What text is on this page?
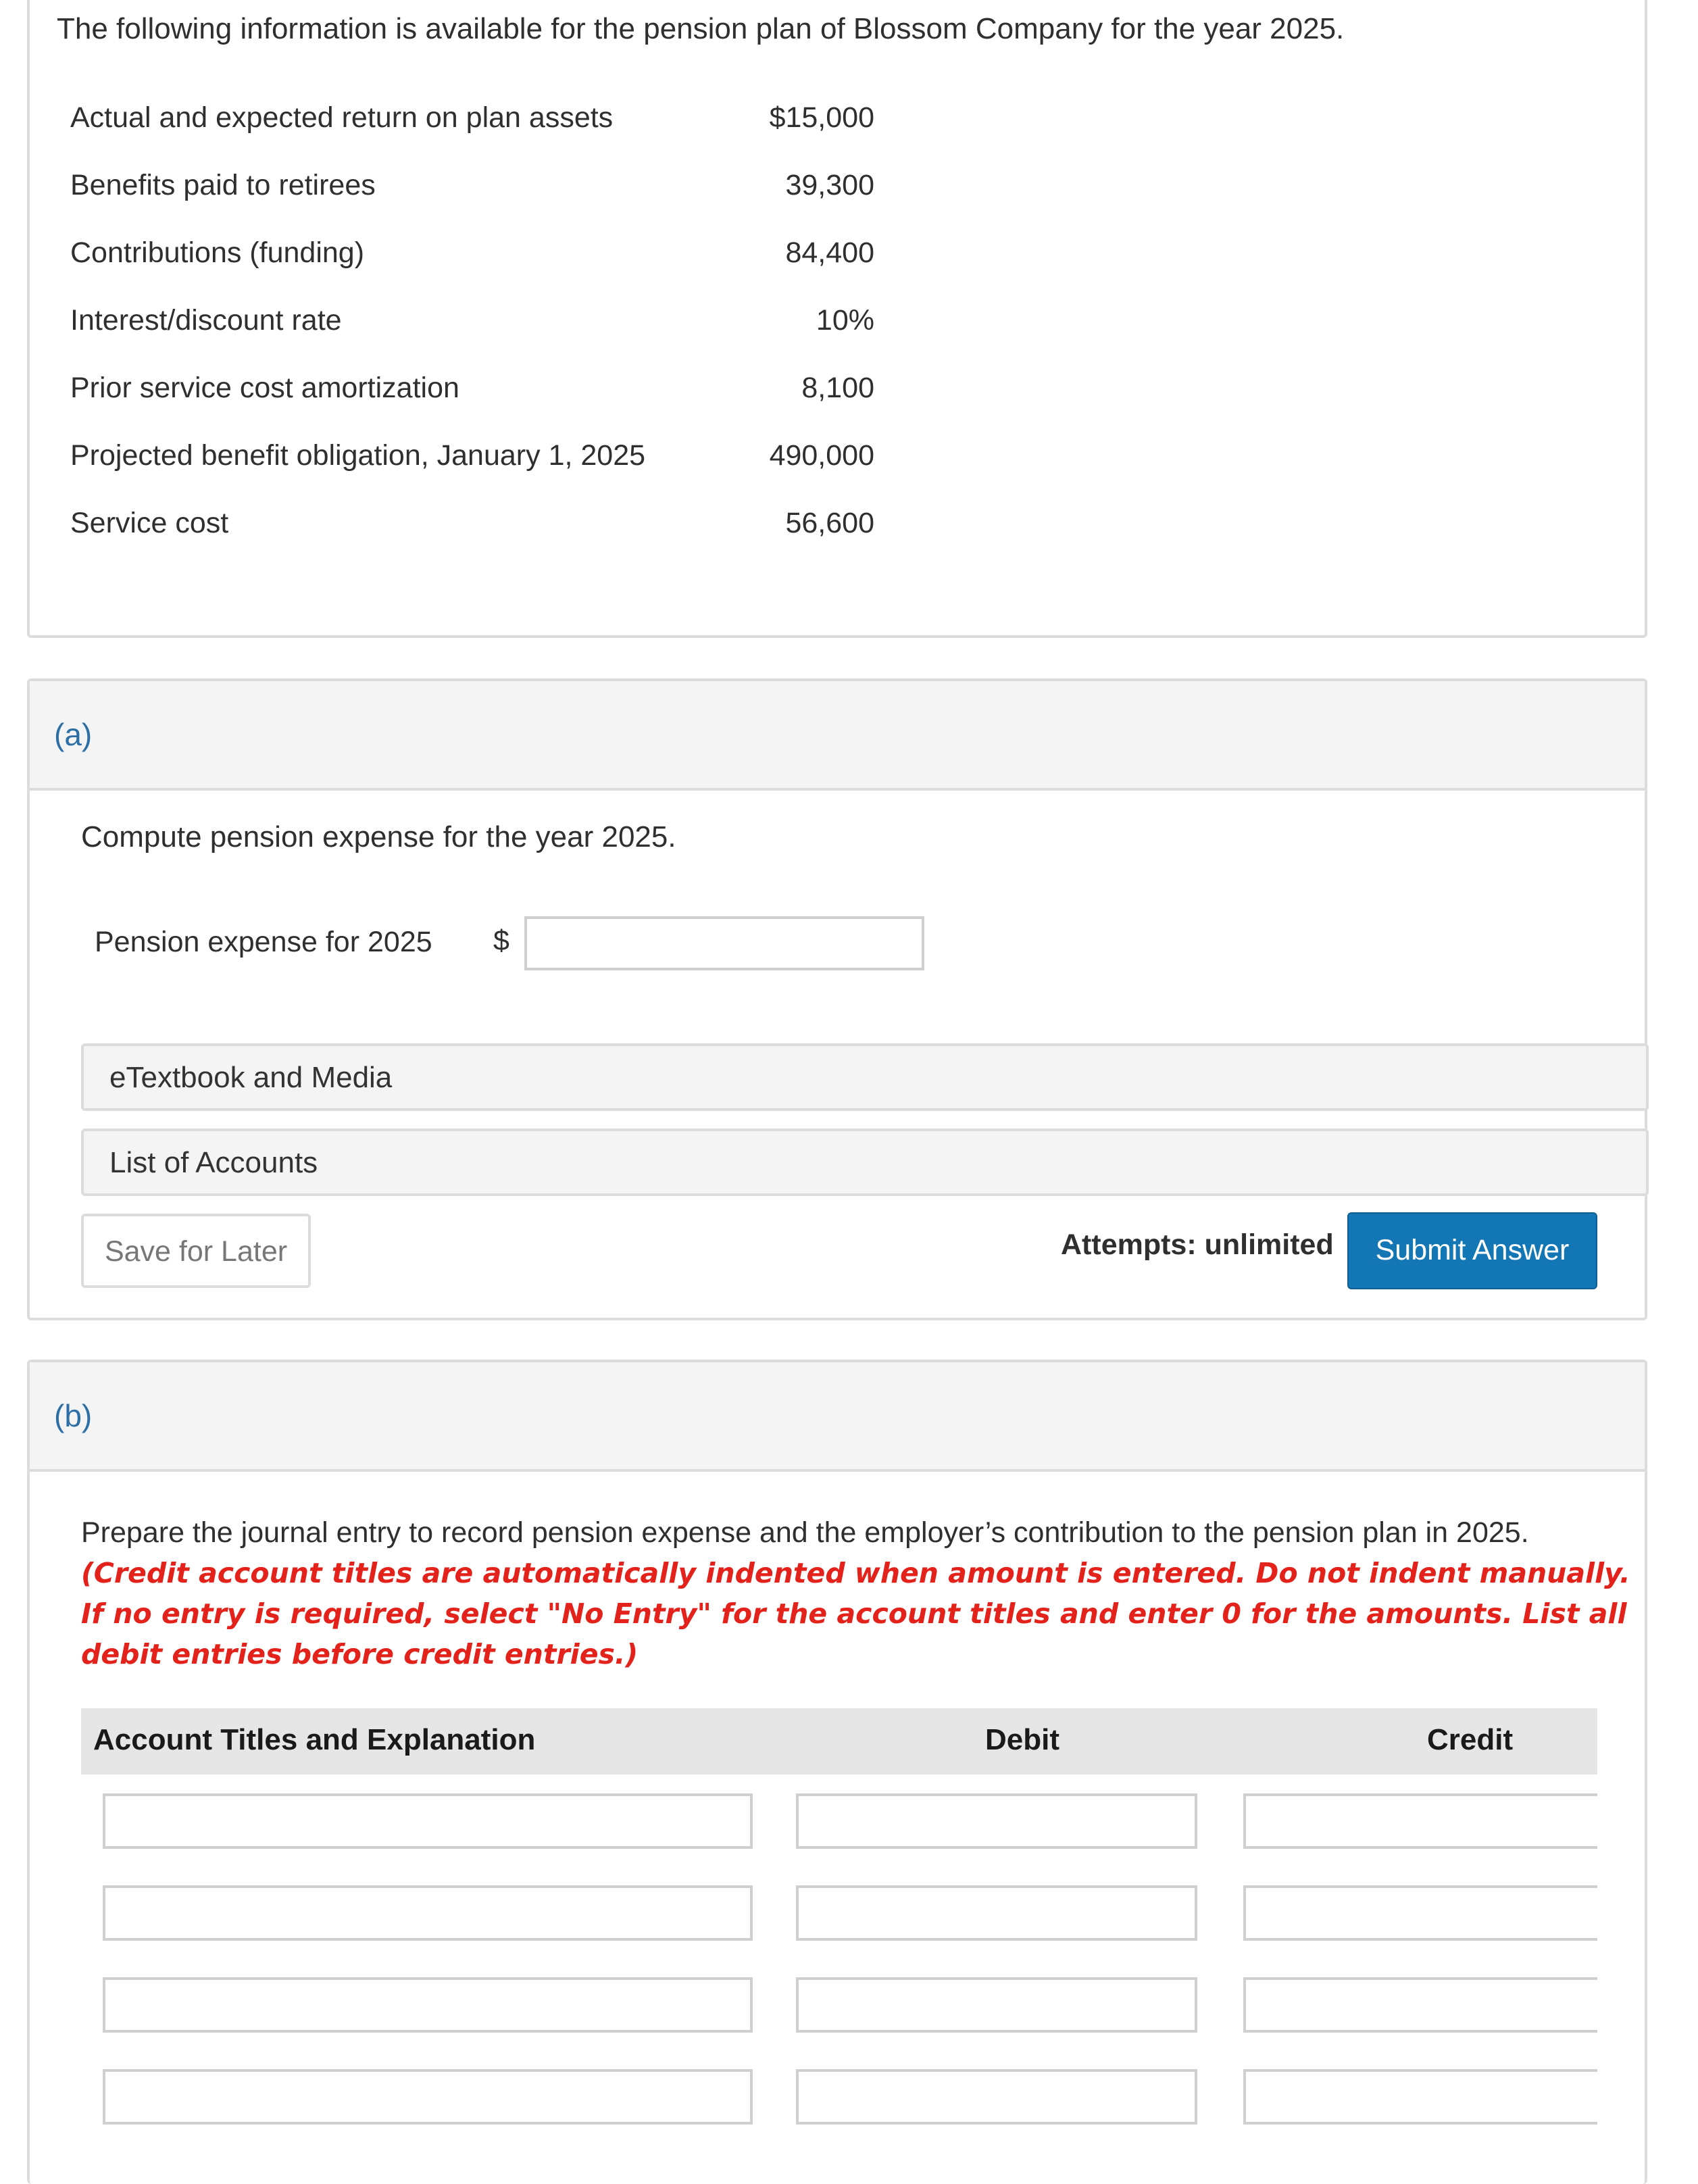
The following information is available for the pension plan of Blossom Company for the year 2025.
Actual and expected return on plan assets	$15,000
Benefits paid to retirees	39,300
Contributions (funding)	84,400
Interest/discount rate	10%
Prior service cost amortization	8,100
Projected benefit obligation, January 1, 2025	490,000
Service cost	56,600
(a)
Compute pension expense for the year 2025.
Pension expense for 2025 $
eTextbook and Media
List of Accounts
Save for Later	Attempts: unlimited	Submit Answer
(b)
Prepare the journal entry to record pension expense and the employer’s contribution to the pension plan in 2025.
(Credit account titles are automatically indented when amount is entered. Do not indent manually. If no entry is required, select "No Entry" for the account titles and enter 0 for the amounts. List all debit entries before credit entries.)
Account Titles and Explanation	Debit	Credit
